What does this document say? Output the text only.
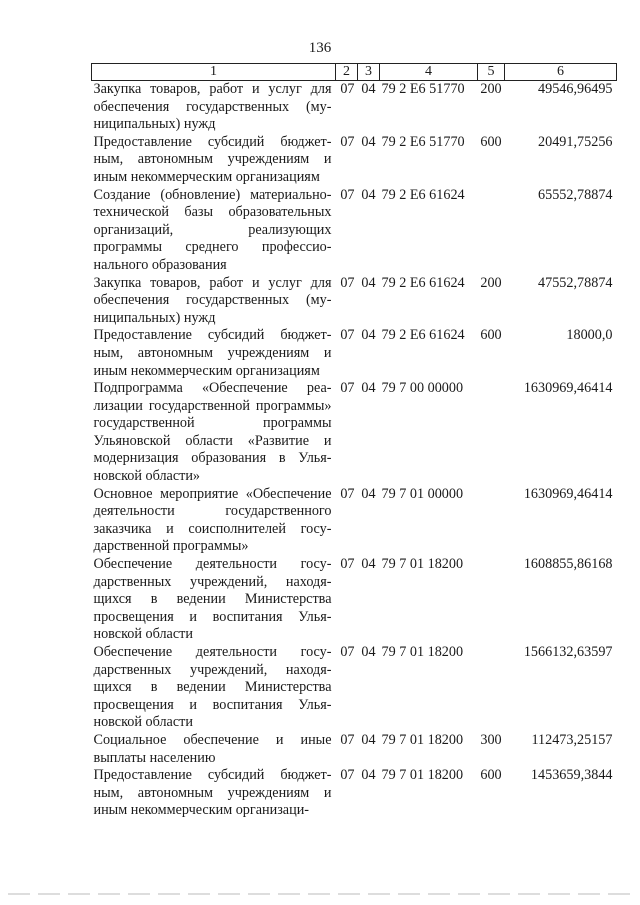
136
1	2	3	4	5	6
Закупка товаров, работ и услуг для обеспечения государственных (муниципальных) нужд	07	04	79 2 Е6 51770	200	49546,96495
Предоставление субсидий бюджетным, автономным учреждениям и иным некоммерческим организациям	07	04	79 2 Е6 51770	600	20491,75256
Создание (обновление) материально-технической базы образовательных организаций, реализующих программы среднего профессионального образования	07	04	79 2 Е6 61624		65552,78874
Закупка товаров, работ и услуг для обеспечения государственных (муниципальных) нужд	07	04	79 2 Е6 61624	200	47552,78874
Предоставление субсидий бюджетным, автономным учреждениям и иным некоммерческим организациям	07	04	79 2 Е6 61624	600	18000,0
Подпрограмма «Обеспечение реализации государственной программы» государственной программы Ульяновской области «Развитие и модернизация образования в Ульяновской области»	07	04	79 7 00 00000		1630969,46414
Основное мероприятие «Обеспечение деятельности государственного заказчика и соисполнителей государственной программы»	07	04	79 7 01 00000		1630969,46414
Обеспечение деятельности государственных учреждений, находящихся в ведении Министерства просвещения и воспитания Ульяновской области	07	04	79 7 01 18200		1608855,86168
Обеспечение деятельности государственных учреждений, находящихся в ведении Министерства просвещения и воспитания Ульяновской области	07	04	79 7 01 18200		1566132,63597
Социальное обеспечение и иные выплаты населению	07	04	79 7 01 18200	300	112473,25157
Предоставление субсидий бюджетным, автономным учреждениям и иным некоммерческим организаци-	07	04	79 7 01 18200	600	1453659,3844
